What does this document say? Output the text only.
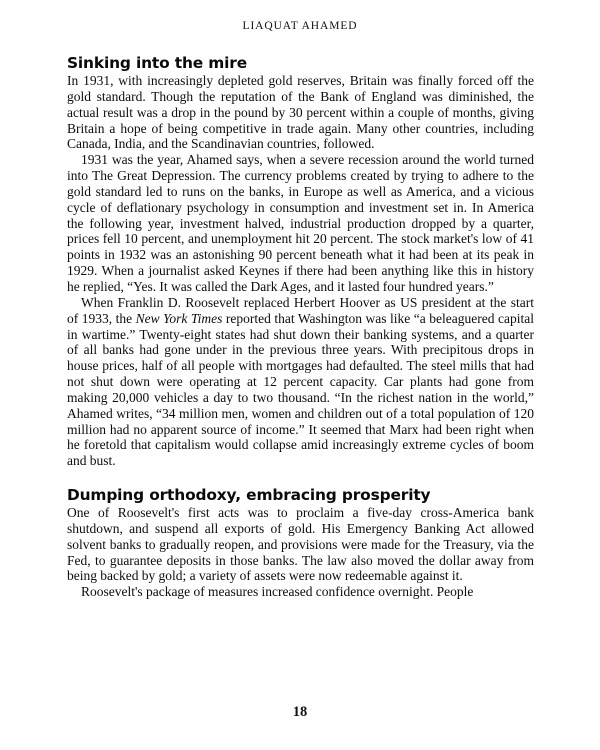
LIAQUAT AHAMED
Sinking into the mire

In 1931, with increasingly depleted gold reserves, Britain was finally forced off the gold standard. Though the reputation of the Bank of England was diminished, the actual result was a drop in the pound by 30 percent within a couple of months, giving Britain a hope of being competitive in trade again. Many other countries, including Canada, India, and the Scandinavian countries, followed.

1931 was the year, Ahamed says, when a severe recession around the world turned into The Great Depression. The currency problems created by trying to adhere to the gold standard led to runs on the banks, in Europe as well as America, and a vicious cycle of deflationary psychology in consumption and investment set in. In America the following year, investment halved, industrial production dropped by a quarter, prices fell 10 percent, and unemployment hit 20 percent. The stock market's low of 41 points in 1932 was an astonishing 90 percent beneath what it had been at its peak in 1929. When a journalist asked Keynes if there had been anything like this in history he replied, “Yes. It was called the Dark Ages, and it lasted four hundred years.”

When Franklin D. Roosevelt replaced Herbert Hoover as US president at the start of 1933, the New York Times reported that Washington was like “a beleaguered capital in wartime.” Twenty-eight states had shut down their banking systems, and a quarter of all banks had gone under in the previous three years. With precipitous drops in house prices, half of all people with mortgages had defaulted. The steel mills that had not shut down were operating at 12 percent capacity. Car plants had gone from making 20,000 vehicles a day to two thousand. “In the richest nation in the world,” Ahamed writes, “34 million men, women and children out of a total population of 120 million had no apparent source of income.” It seemed that Marx had been right when he foretold that capitalism would collapse amid increasingly extreme cycles of boom and bust.

Dumping orthodoxy, embracing prosperity

One of Roosevelt's first acts was to proclaim a five-day cross-America bank shutdown, and suspend all exports of gold. His Emergency Banking Act allowed solvent banks to gradually reopen, and provisions were made for the Treasury, via the Fed, to guarantee deposits in those banks. The law also moved the dollar away from being backed by gold; a variety of assets were now redeemable against it.

Roosevelt's package of measures increased confidence overnight. People

18
